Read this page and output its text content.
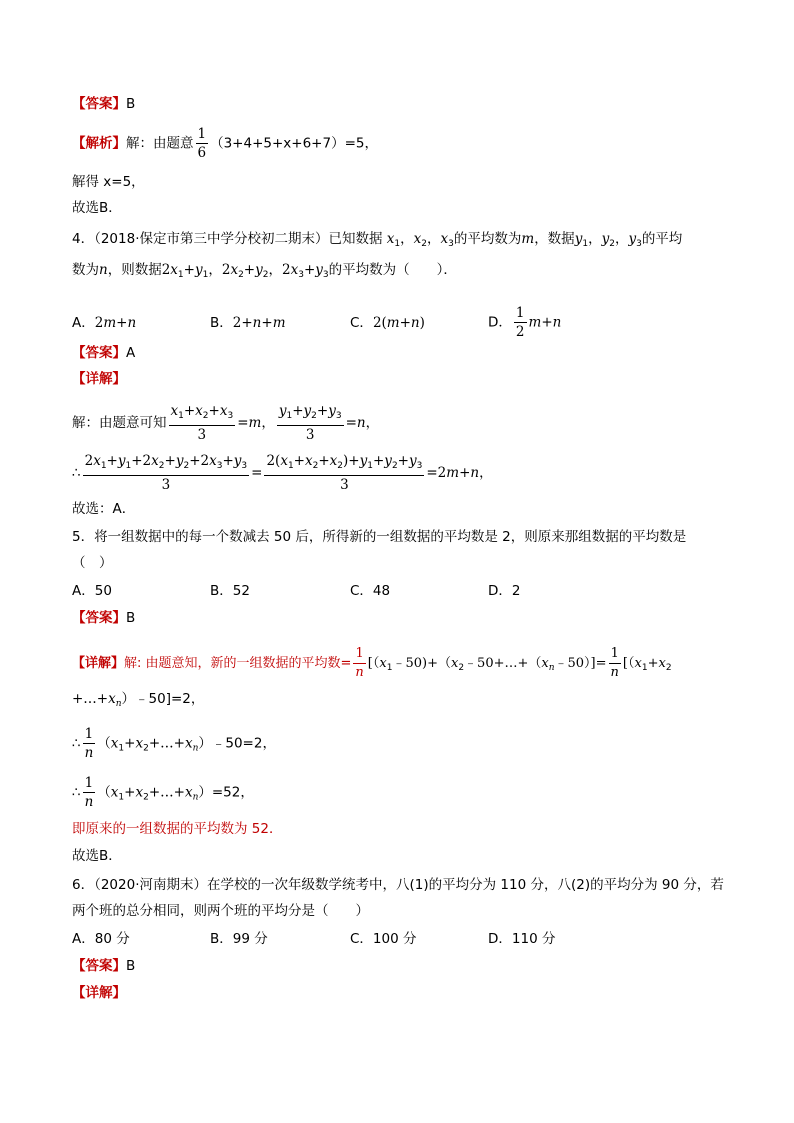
【答案】B
【解析】解：由题意 $\frac{1}{6} (3+4+5+x+6+7)=5$，
解得 x=5，
故选B．
4．（2018·保定市第三中学分校初二期末）已知数据 $x_1$，$x_2$，$x_3$的平均数为m，数据$y_1$，$y_2$，$y_3$的平均
数为n，则数据$2x_1+y_1$，$2x_2+y_2$，$2x_3+y_3$的平均数为（　　）．
A．2m+n	B．2+n+m	C．2(m+n)	D． $\frac{1}{2} m+n$
【答案】A
【详解】
解：由题意可知 $\frac{x_1+x_2+x_3}{3} =m$， $\frac{y_1+y_2+y_3}{3} =n$，
∴ $\frac{2x_1+y_1+2x_2+y_2+2x_3+y_3}{3} = \frac{2(x_1+x_2+x_2)+y_1+y_2+y_3}{3} =2m+n$，
故选：A．
5．将一组数据中的每一个数减去 50 后，所得新的一组数据的平均数是 2，则原来那组数据的平均数是
（　）
A．50	B．52	C．48	D．2
【答案】B
【详解】解: 由题意知，新的一组数据的平均数= $\frac{1}{n}$ [$(x_1﹣50)+(x_2﹣50+\dots+(x_n﹣50)]= \frac{1}{n} [(x_1+x_2$
$+\dots+x_n)﹣50]=2$，
∴ $\frac{1}{n}$ $(x_1+x_2+\dots+x_n)﹣50=2$，
∴ $\frac{1}{n}$ $(x_1+x_2+\dots+x_n)=52$，
即原来的一组数据的平均数为 52．
故选B．
6．（2020·河南期末）在学校的一次年级数学统考中，八(1)的平均分为 110 分，八(2)的平均分为 90 分，若
两个班的总分相同，则两个班的平均分是（　　）
A．80 分	B．99 分	C．100 分	D．110 分
【答案】B
【详解】
